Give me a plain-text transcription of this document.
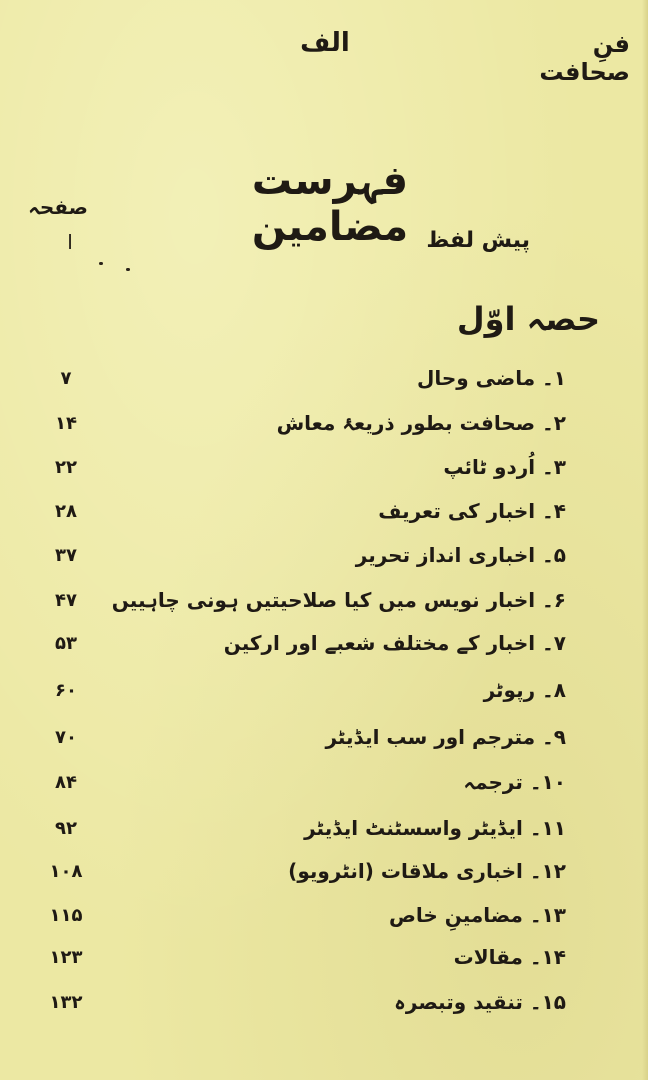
فنِ صحافت
الف
فہرست مضامین
صفحہ
پیش لفظ
ا
حصہ اوّل
۱۔ ماضی وحال
۷
۲۔ صحافت بطور ذریعۂ معاش
۱۴
۳۔ اُردو ٹائپ
۲۲
۴۔ اخبار کی تعریف
۲۸
۵۔ اخباری انداز تحریر
۳۷
۶۔ اخبار نویس میں کیا صلاحیتیں ہونی چاہییں
۴۷
۷۔ اخبار کے مختلف شعبے اور ارکین
۵۳
۸۔ رپوٹر
۶۰
۹۔ مترجم اور سب ایڈیٹر
۷۰
۱۰۔ ترجمہ
۸۴
۱۱۔ ایڈیٹر واسسٹنٹ ایڈیٹر
۹۲
۱۲۔ اخباری ملاقات (انٹرویو)
۱۰۸
۱۳۔ مضامینِ خاص
۱۱۵
۱۴۔ مقالات
۱۲۳
۱۵۔ تنقید وتبصرہ
۱۳۲
